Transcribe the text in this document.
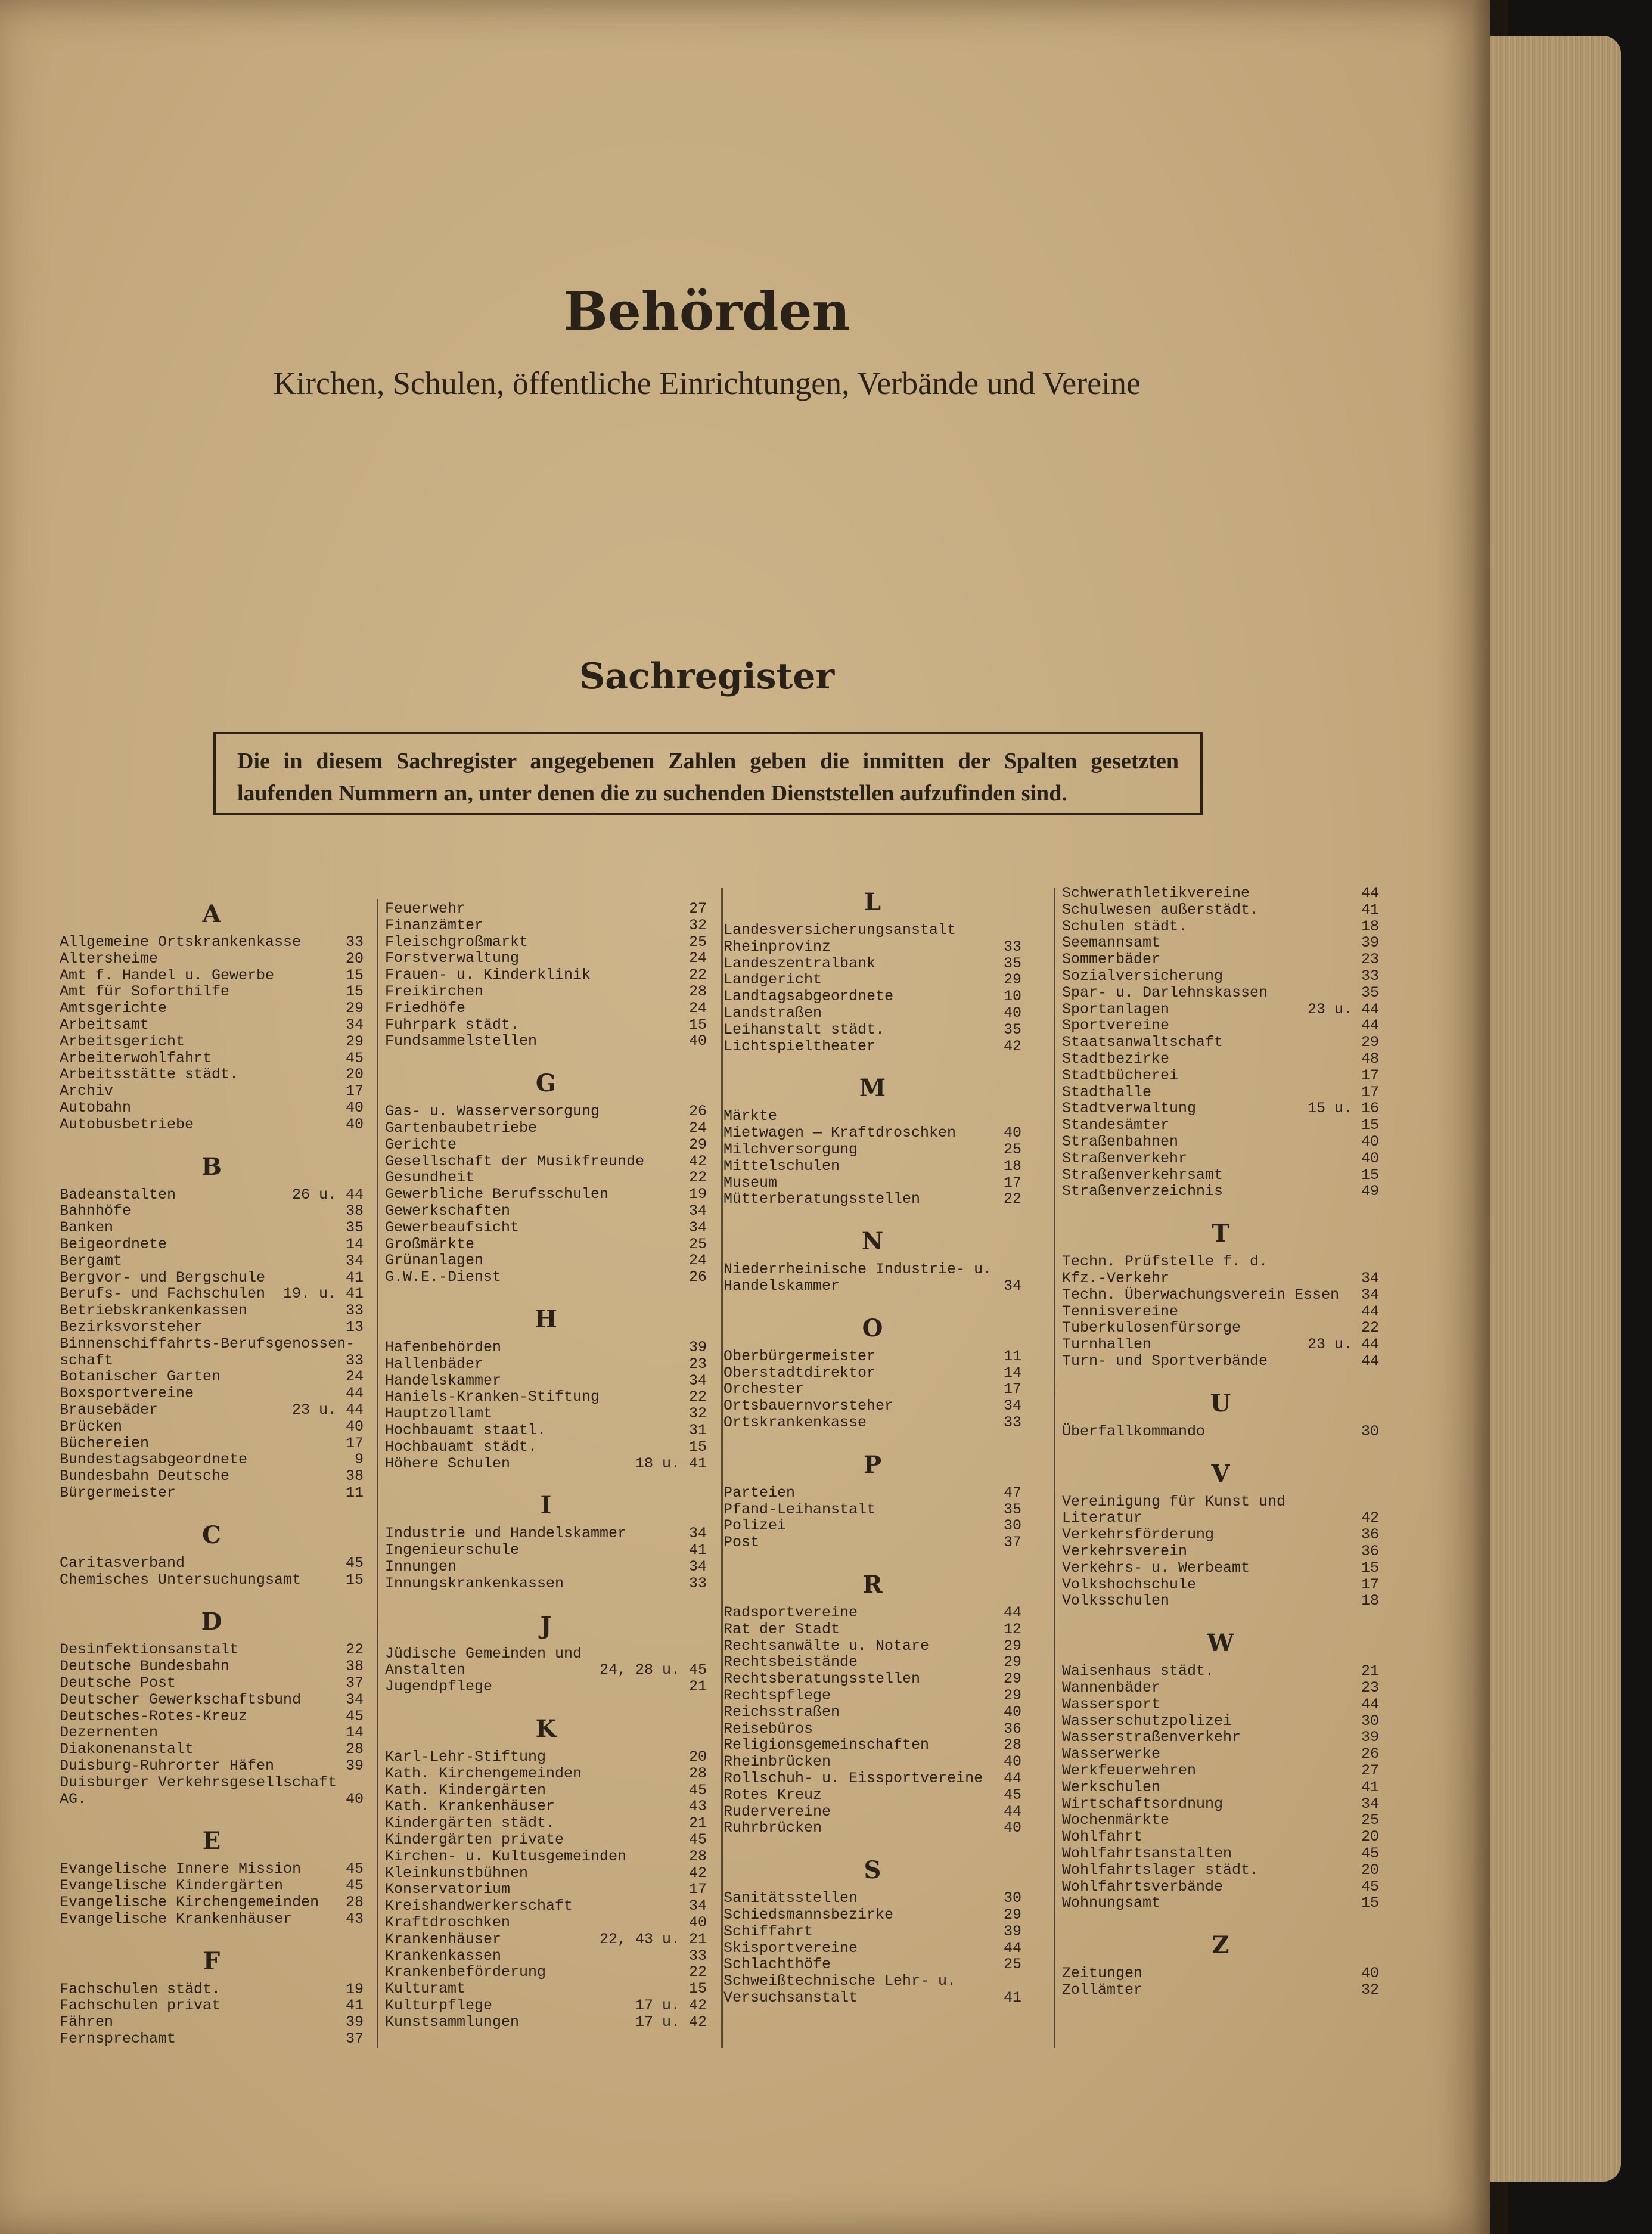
Behörden
Kirchen, Schulen, öffentliche Einrichtungen, Verbände und Vereine
Sachregister
Die in diesem Sachregister angegebenen Zahlen geben die inmitten der Spalten gesetzten laufenden Nummern an, unter denen die zu suchenden Dienststellen aufzufinden sind.
A
Allgemeine Ortskrankenkasse	33
Altersheime	20
Amt f. Handel u. Gewerbe	15
Amt für Soforthilfe	15
Amtsgerichte	29
Arbeitsamt	34
Arbeitsgericht	29
Arbeiterwohlfahrt	45
Arbeitsstätte städt.	20
Archiv	17
Autobahn	40
Autobusbetriebe	40
B
Badeanstalten	26 u. 44
Bahnhöfe	38
Banken	35
Beigeordnete	14
Bergamt	34
Bergvor- und Bergschule	41
Berufs- und Fachschulen 19. u. 41
Betriebskrankenkassen	33
Bezirksvorsteher	13
Binnenschiffahrts-Berufsgenossen-
schaft	33
Botanischer Garten	24
Boxsportvereine	44
Brausebäder	23 u. 44
Brücken	40
Büchereien	17
Bundestagsabgeordnete	9
Bundesbahn Deutsche	38
Bürgermeister	11
C
Caritasverband	45
Chemisches Untersuchungsamt	15
D
Desinfektionsanstalt	22
Deutsche Bundesbahn	38
Deutsche Post	37
Deutscher Gewerkschaftsbund	34
Deutsches-Rotes-Kreuz	45
Dezernenten	14
Diakonenanstalt	28
Duisburg-Ruhrorter Häfen	39
Duisburger Verkehrsgesellschaft
AG.	40
E
Evangelische Innere Mission	45
Evangelische Kindergärten	45
Evangelische Kirchengemeinden 28
Evangelische Krankenhäuser	43
F
Fachschulen städt.	19
Fachschulen privat	41
Fähren	39
Fernsprechamt	37
Feuerwehr	27
Finanzämter	32
Fleischgroßmarkt	25
Forstverwaltung	24
Frauen- u. Kinderklinik	22
Freikirchen	28
Friedhöfe	24
Fuhrpark städt.	15
Fundsammelstellen	40
G
Gas- u. Wasserversorgung	26
Gartenbaubetriebe	24
Gerichte	29
Gesellschaft der Musikfreunde	42
Gesundheit	22
Gewerbliche Berufsschulen	19
Gewerkschaften	34
Gewerbeaufsicht	34
Großmärkte	25
Grünanlagen	24
G.W.E.-Dienst	26
H
Hafenbehörden	39
Hallenbäder	23
Handelskammer	34
Haniels-Kranken-Stiftung	22
Hauptzollamt	32
Hochbauamt staatl.	31
Hochbauamt städt.	15
Höhere Schulen	18 u. 41
I
Industrie und Handelskammer	34
Ingenieurschule	41
Innungen	34
Innungskrankenkassen	33
J
Jüdische Gemeinden und
Anstalten	24, 28 u. 45
Jugendpflege	21
K
Karl-Lehr-Stiftung	20
Kath. Kirchengemeinden	28
Kath. Kindergärten	45
Kath. Krankenhäuser	43
Kindergärten städt.	21
Kindergärten private	45
Kirchen- u. Kultusgemeinden	28
Kleinkunstbühnen	42
Konservatorium	17
Kreishandwerkerschaft	34
Kraftdroschken	40
Krankenhäuser	22, 43 u. 21
Krankenkassen	33
Krankenbeförderung	22
Kulturamt	15
Kulturpflege	17 u. 42
Kunstsammlungen	17 u. 42
L
Landesversicherungsanstalt
Rheinprovinz	33
Landeszentralbank	35
Landgericht	29
Landtagsabgeordnete	10
Landstraßen	40
Leihanstalt städt.	35
Lichtspieltheater	42
M
Märkte
Mietwagen — Kraftdroschken	40
Milchversorgung	25
Mittelschulen	18
Museum	17
Mütterberatungsstellen	22
N
Niederrheinische Industrie- u.
Handelskammer	34
O
Oberbürgermeister	11
Oberstadtdirektor	14
Orchester	17
Ortsbauernvorsteher	34
Ortskrankenkasse	33
P
Parteien	47
Pfand-Leihanstalt	35
Polizei	30
Post	37
R
Radsportvereine	44
Rat der Stadt	12
Rechtsanwälte u. Notare	29
Rechtsbeistände	29
Rechtsberatungsstellen	29
Rechtspflege	29
Reichsstraßen	40
Reisebüros	36
Religionsgemeinschaften	28
Rheinbrücken	40
Rollschuh- u. Eissportvereine 44
Rotes Kreuz	45
Rudervereine	44
Ruhrbrücken	40
S
Sanitätsstellen	30
Schiedsmannsbezirke	29
Schiffahrt	39
Skisportvereine	44
Schlachthöfe	25
Schweißtechnische Lehr- u.
Versuchsanstalt	41
Schwerathletikvereine	44
Schulwesen außerstädt.	41
Schulen städt.	18
Seemannsamt	39
Sommerbäder	23
Sozialversicherung	33
Spar- u. Darlehnskassen	35
Sportanlagen	23 u. 44
Sportvereine	44
Staatsanwaltschaft	29
Stadtbezirke	48
Stadtbücherei	17
Stadthalle	17
Stadtverwaltung	15 u. 16
Standesämter	15
Straßenbahnen	40
Straßenverkehr	40
Straßenverkehrsamt	15
Straßenverzeichnis	49
T
Techn. Prüfstelle f. d.
Kfz.-Verkehr	34
Techn. Überwachungsverein Essen 34
Tennisvereine	44
Tuberkulosenfürsorge	22
Turnhallen	23 u. 44
Turn- und Sportverbände	44
U
Überfallkommando	30
V
Vereinigung für Kunst und
Literatur	42
Verkehrsförderung	36
Verkehrsverein	36
Verkehrs- u. Werbeamt	15
Volkshochschule	17
Volksschulen	18
W
Waisenhaus städt.	21
Wannenbäder	23
Wassersport	44
Wasserschutzpolizei	30
Wasserstraßenverkehr	39
Wasserwerke	26
Werkfeuerwehren	27
Werkschulen	41
Wirtschaftsordnung	34
Wochenmärkte	25
Wohlfahrt	20
Wohlfahrtsanstalten	45
Wohlfahrtslager städt.	20
Wohlfahrtsverbände	45
Wohnungsamt	15
Z
Zeitungen	40
Zollämter	32
